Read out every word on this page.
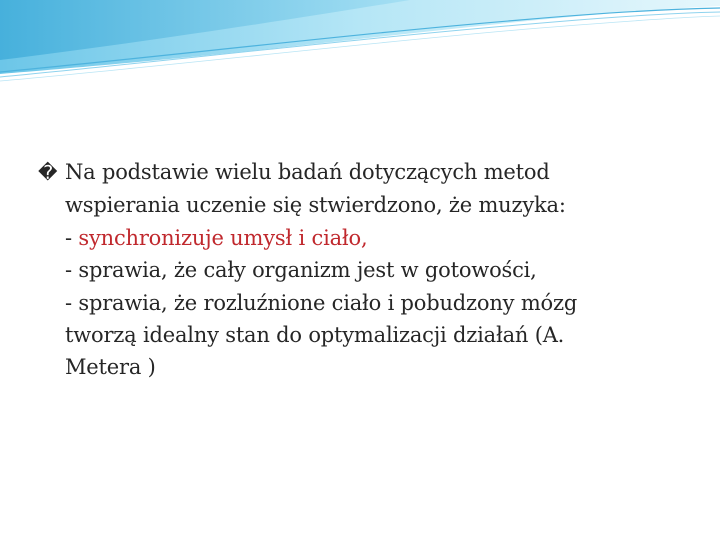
� Na podstawie wielu badań dotyczących metod
wspierania uczenie się stwierdzono, że muzyka:
- synchronizuje umysł i ciało,
- sprawia, że cały organizm jest w gotowości,
- sprawia, że rozluźnione ciało i pobudzony mózg
tworzą idealny stan do optymalizacji działań (A.
Metera )
